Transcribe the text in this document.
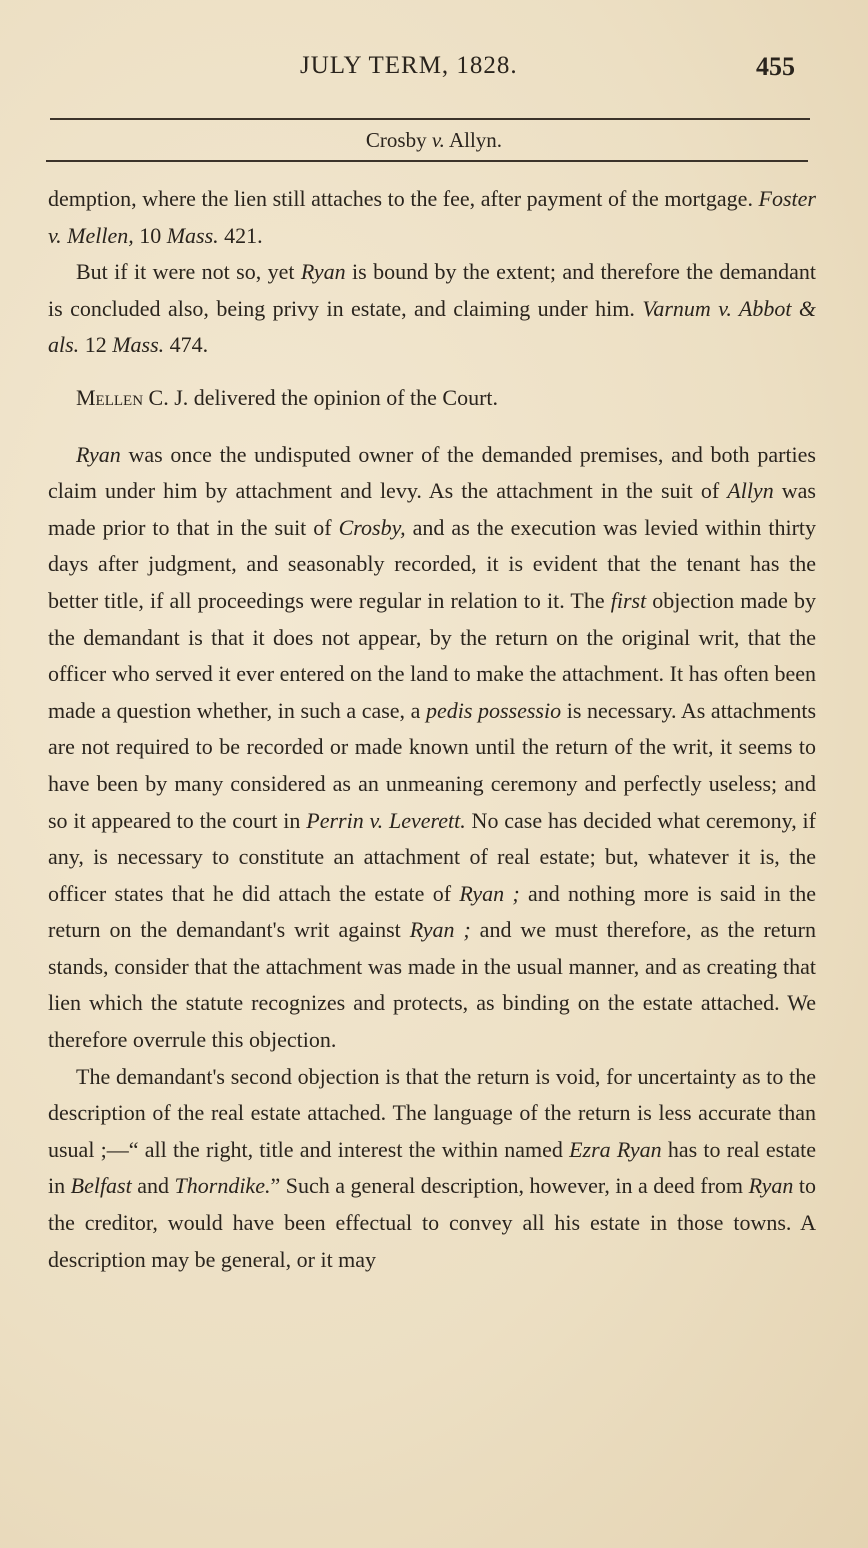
JULY TERM, 1828.	455
Crosby v. Allyn.

demption, where the lien still attaches to the fee, after payment of the mortgage. Foster v. Mellen, 10 Mass. 421.

But if it were not so, yet Ryan is bound by the extent; and therefore the demandant is concluded also, being privy in estate, and claiming under him. Varnum v. Abbot & als. 12 Mass. 474.

Mellen C. J. delivered the opinion of the Court.

Ryan was once the undisputed owner of the demanded premises, and both parties claim under him by attachment and levy. As the attachment in the suit of Allyn was made prior to that in the suit of Crosby, and as the execution was levied within thirty days after judgment, and seasonably recorded, it is evident that the tenant has the better title, if all proceedings were regular in relation to it. The first objection made by the demandant is that it does not appear, by the return on the original writ, that the officer who served it ever entered on the land to make the attachment. It has often been made a question whether, in such a case, a pedis possessio is necessary. As attachments are not required to be recorded or made known until the return of the writ, it seems to have been by many considered as an unmeaning ceremony and perfectly useless; and so it appeared to the court in Perrin v. Leverett. No case has decided what ceremony, if any, is necessary to constitute an attachment of real estate; but, whatever it is, the officer states that he did attach the estate of Ryan ; and nothing more is said in the return on the demandant's writ against Ryan ; and we must therefore, as the return stands, consider that the attachment was made in the usual manner, and as creating that lien which the statute recognizes and protects, as binding on the estate attached. We therefore overrule this objection.

The demandant's second objection is that the return is void, for uncertainty as to the description of the real estate attached. The language of the return is less accurate than usual ;—“ all the right, title and interest the within named Ezra Ryan has to real estate in Belfast and Thorndike.” Such a general description, however, in a deed from Ryan to the creditor, would have been effectual to convey all his estate in those towns. A description may be general, or it may
